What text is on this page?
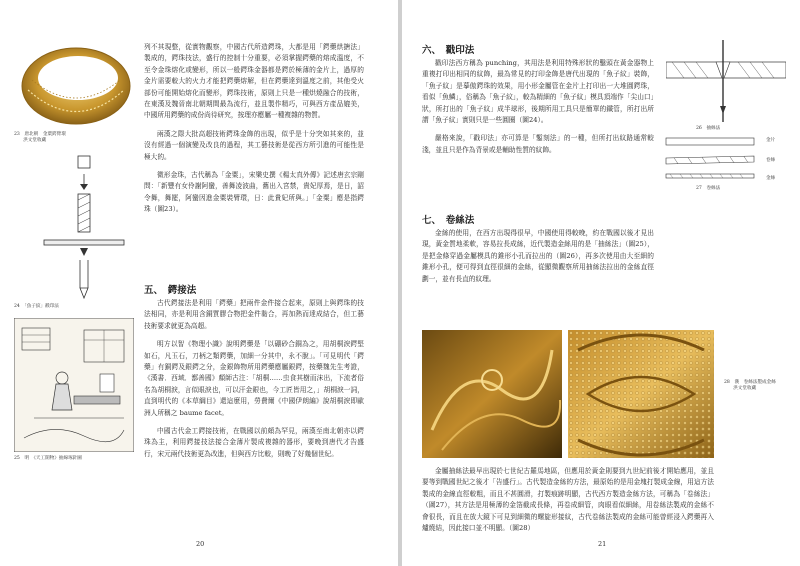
23　唐北朝　金粟鍔臂環
　　洪文堂收藏
24　「魚子紋」戳印法
25　明　《天工開物》抽線琢針圖

列不其現整，從實物觀察，中國古代所造鍔珠，大都是用「鍔藥烘搪法」製成的，鍔珠技法，盛行的控制十分重要，必須掌握鍔藥的熔成溫度，不至令金珠熔化或變形，所以一般鍔珠金器都是鍔於極薄的金片上，過厚的金片需要較大的火力才能把鍔藥熔解，但在鍔藥達到溫度之前，其他受火部份可能開始熔化而變形，鍔珠技術，原則上只是一種烘燒融合的技術，在東漢及魏晉南北朝期間最為流行，並且製作精巧，可與西方產品媲美，中國所用鍔藥的成份尚待研究，按理亦應屬一種複雜的物質。

兩漢之際大批高超技術鍔珠金飾的出現，似乎是十分突如其來的，並沒有經過一個演變及改良的過程，其工藝技術是從西方所引進的可能性是極大的。

微形金珠，古代稱為「金粟」，宋樂史撰《楊太真外傳》記述唐玄宗剛問：「新豐有女伶謝阿蠻，善舞凌波曲，舊出入宮禁，貴妃厚焉，是日，詔令舞，舞罷，阿蠻因進金粟裝臂環，日：此貴妃所與。」「金粟」應是指鍔珠（圖23）。

五、　鍔接法

古代鍔接法是利用「鍔藥」把兩件金件接合起來，原則上與鍔珠的技法相同，亦是利用含銅質膠合物把金件黏合，再加熱而達成結合，但工藝技術要求就更為高超。

明方以智《物理小識》說明鍔藥是「以硼砂合銅為之，用胡桐淚鍔堅如石，凡玉石，刀柄之類鍔藥，加細一分其中，永不脫」。「可見明代「鍔藥」有銅鍔及銀鍔之分，金銀飾物所用鍔藥應屬銀鍔，按藥魏先生考證，《漢書．西域．鄯善國》顏師古注：「胡桐……虫食其樹而沫出，下流者俗名為胡桐淚，言似眼淚也，可以汗金銀也，今工匠皆用之，」胡桐淚一詞，直到明代的《本草綱目》還這麼用，勞費爾《中國伊朗編》說胡桐淚即歐洲人所稱之 baume facet。

中國古代金工鍔接技術，在戰國以前頗為罕見，兩漢至南北朝亦以鍔珠為主，利用鍔接技法接合金薄片製成複雜的器形，要晚到唐代才告盛行，宋元兩代技術更為改進，但與西方比較，則晚了好幾個世紀。

20
六、　戳印法

戳印法西方稱為 punching，其用法是利用特殊形狀的鑿頭在黃金器物上重複打印出相同的紋飾，最為常見的打印金飾是唐代出現的「魚子紋」裝飾，「魚子紋」是摹傲鍔珠的效果，用小形金屬管在金片上打印出一大堆圓鍔珠，看似「魚鱗」，俗稱為「魚子紋」，較為精細的「魚子紋」模具頂端作「尖山口」狀，所打出的「魚子紋」成半球形，後期所用工具只是簡單的鐵管，所打出所謂「魚子紋」實則只是一些圓圈（圖24）。

嚴格來說，「戳印法」亦可算是「鏨刻法」的一種，但所打出紋路通常較淺，並且只是作為背景或是輔助性質的紋飾。

七、　卷絲法

金絲的使用，在西方出現得很早，中國使用得較晚，約在戰國以後才見出現，黃金質地柔軟，容易拉長成絲，近代製造金絲用的是「抽絲法」（圖25），是把金條穿過金屬模具的錐形小孔而拉出的（圖26），再多次使用由大至細的錐形小孔，便可得到直徑很細的金絲，從顯微觀察所用抽絲法拉出的金絲直徑劃一，並有長直的紋理。

26　抽絲法
金片
卷絲
金絲
27　卷絲法
28　漢　卷絲法製成金絲
　　洪文堂收藏

金屬抽絲法最早出現於七世紀古羅馬地區，但應用於黃金則要到九世紀前後才開始應用，並且要等到戰國世紀之後才「告盛行」。古代製造金絲的方法，最原始的是用金塊打製成金線，用這方法製成的金線直徑較粗，而且不甚圓滑，打製痕跡明顯，古代西方製造金絲方法，可稱為「卷絲法」（圖27），其方法是用極薄的金箔截成長條，再卷成細管，肉眼看似細絲，用卷絲法製成的金絲不會很長，而且在放大鏡下可見到細微的螺旋形接紋，古代卷絲法製成的金絲可能曾經浸入鍔藥再入爐燒結，因此接口並不明顯。（圖28）

21
